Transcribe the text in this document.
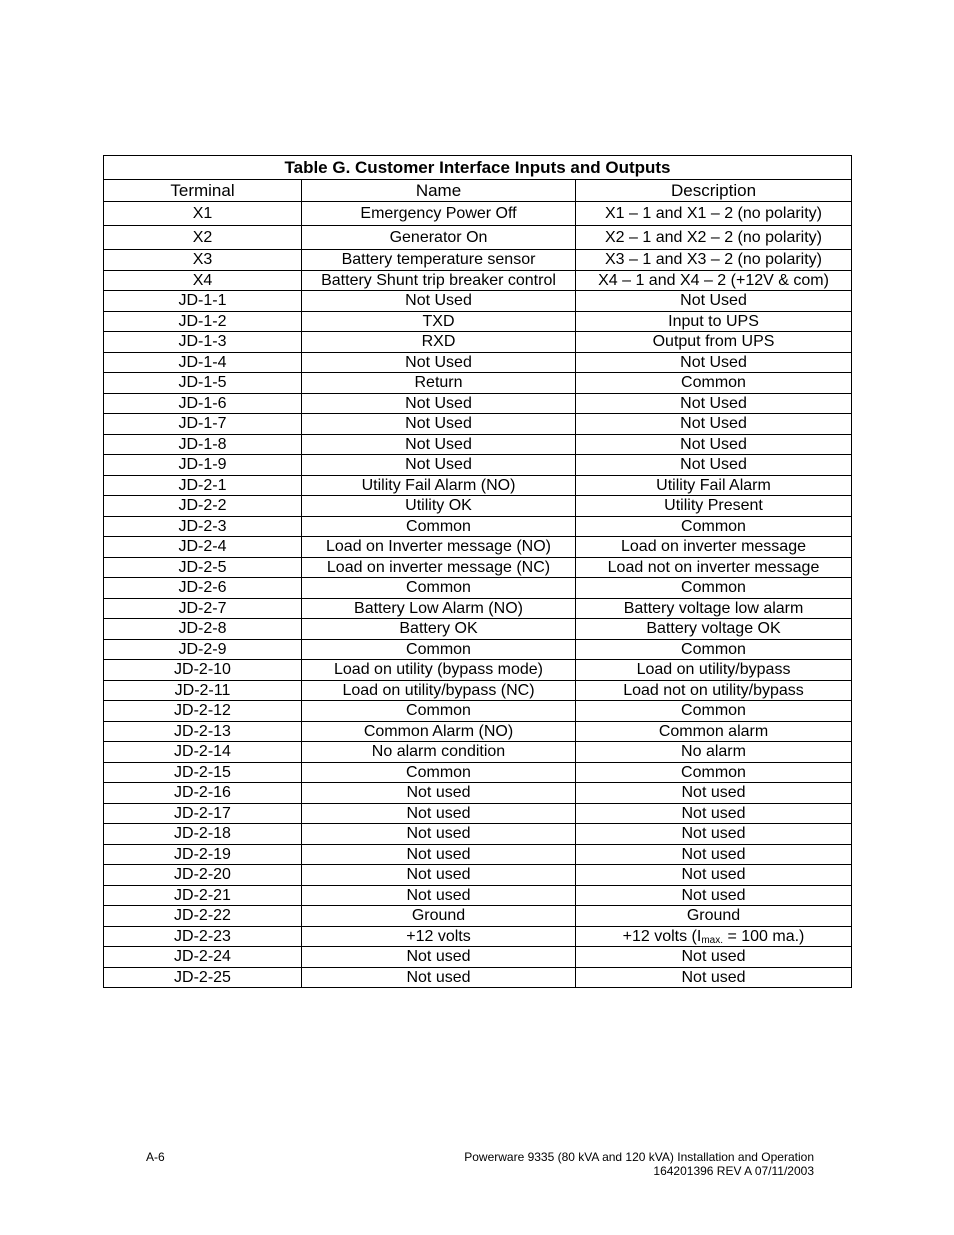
Table G. Customer Interface Inputs and Outputs		
Terminal	Name	Description
X1	Emergency Power Off	X1 – 1 and X1 – 2 (no polarity)
X2	Generator On	X2 – 1 and X2 – 2 (no polarity)
X3	Battery temperature sensor	X3 – 1 and X3 – 2 (no polarity)
X4	Battery Shunt trip breaker control	X4 – 1 and X4 – 2 (+12V & com)
JD-1-1	Not Used	Not Used
JD-1-2	TXD	Input to UPS
JD-1-3	RXD	Output from UPS
JD-1-4	Not Used	Not Used
JD-1-5	Return	Common
JD-1-6	Not Used	Not Used
JD-1-7	Not Used	Not Used
JD-1-8	Not Used	Not Used
JD-1-9	Not Used	Not Used
JD-2-1	Utility Fail Alarm (NO)	Utility Fail Alarm
JD-2-2	Utility OK	Utility Present
JD-2-3	Common	Common
JD-2-4	Load on Inverter message (NO)	Load on inverter message
JD-2-5	Load on inverter message (NC)	Load not on inverter message
JD-2-6	Common	Common
JD-2-7	Battery Low Alarm (NO)	Battery voltage low alarm
JD-2-8	Battery OK	Battery voltage OK
JD-2-9	Common	Common
JD-2-10	Load on utility (bypass mode)	Load on utility/bypass
JD-2-11	Load on utility/bypass (NC)	Load not on utility/bypass
JD-2-12	Common	Common
JD-2-13	Common Alarm (NO)	Common alarm
JD-2-14	No alarm condition	No alarm
JD-2-15	Common	Common
JD-2-16	Not used	Not used
JD-2-17	Not used	Not used
JD-2-18	Not used	Not used
JD-2-19	Not used	Not used
JD-2-20	Not used	Not used
JD-2-21	Not used	Not used
JD-2-22	Ground	Ground
JD-2-23	+12 volts	+12 volts ($I_{max.} = 100$ ma.)
JD-2-24	Not used	Not used
JD-2-25	Not used	Not used
A-6	Powerware 9335 (80 kVA and 120 kVA) Installation and Operation
164201396 REV A 07/11/2003
